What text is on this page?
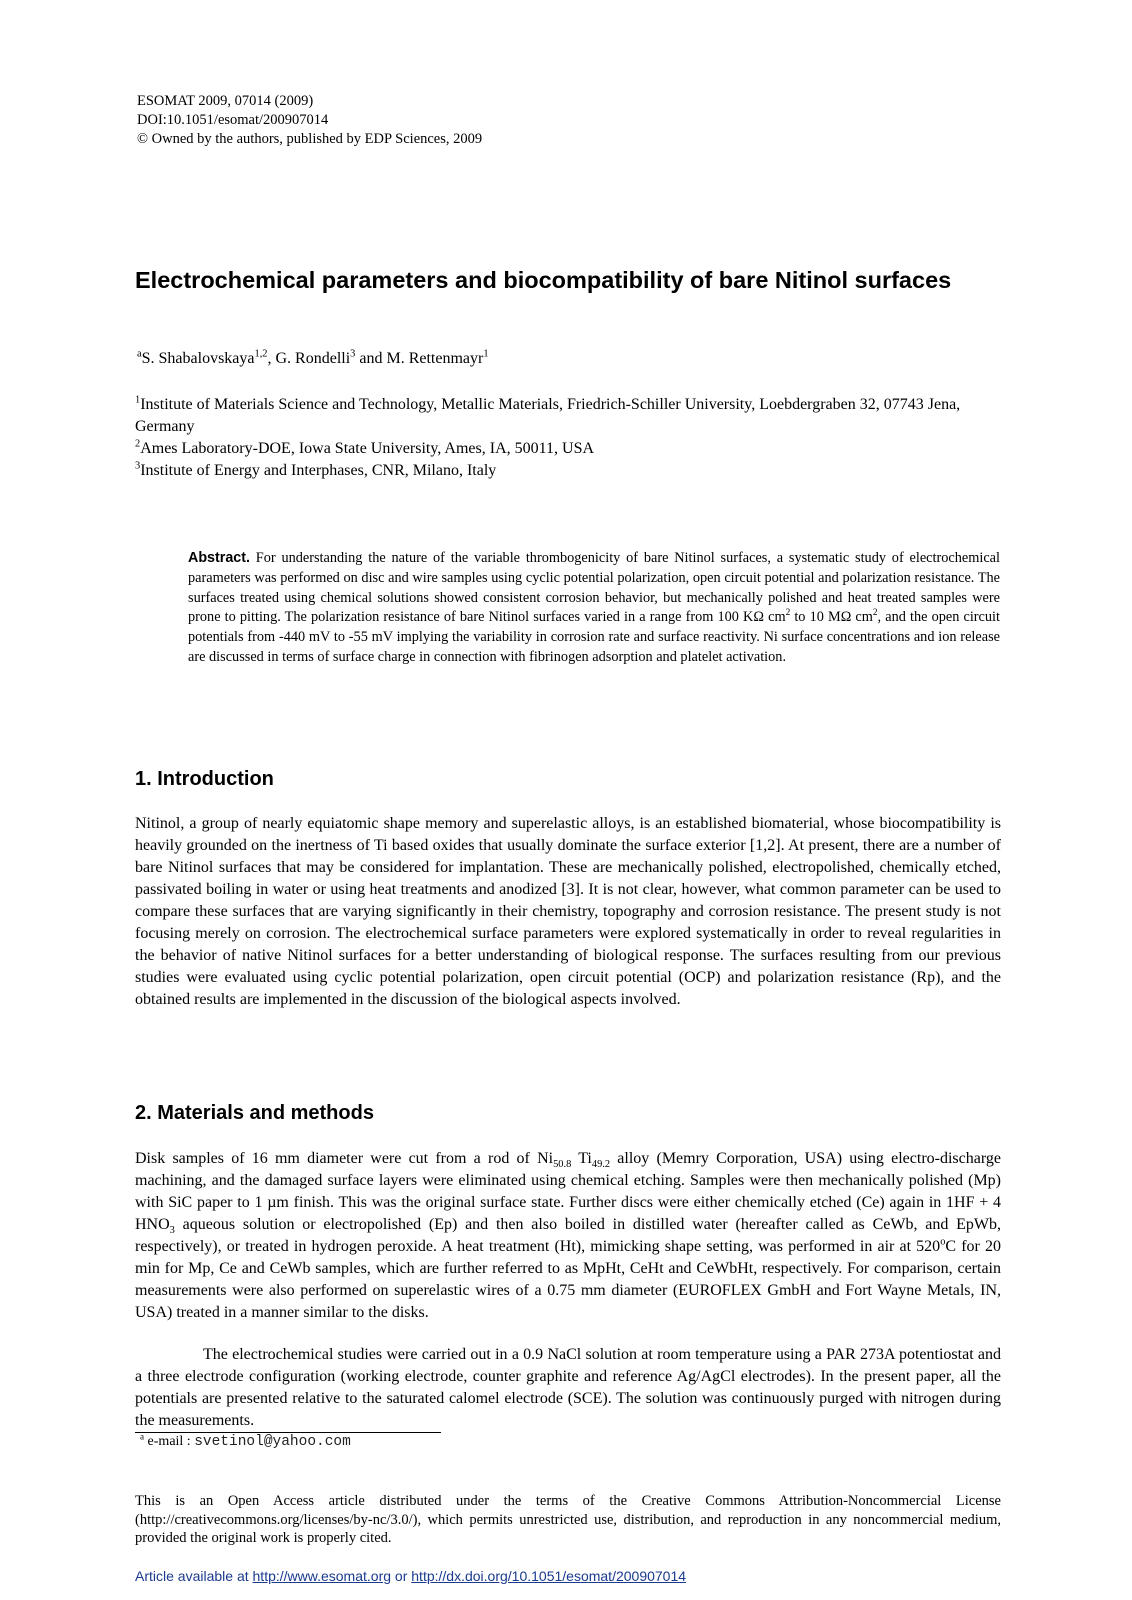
ESOMAT 2009, 07014 (2009)
DOI:10.1051/esomat/200907014
© Owned by the authors, published by EDP Sciences, 2009
Electrochemical parameters and biocompatibility of bare Nitinol surfaces
$^a$S. Shabalovskaya$^{1,2}$, G. Rondelli$^3$ and M. Rettenmayr$^1$
$^1$Institute of Materials Science and Technology, Metallic Materials, Friedrich-Schiller University, Loebdergraben 32, 07743 Jena, Germany
$^2$Ames Laboratory-DOE, Iowa State University, Ames, IA, 50011, USA
$^3$Institute of Energy and Interphases, CNR, Milano, Italy
Abstract. For understanding the nature of the variable thrombogenicity of bare Nitinol surfaces, a systematic study of electrochemical parameters was performed on disc and wire samples using cyclic potential polarization, open circuit potential and polarization resistance. The surfaces treated using chemical solutions showed consistent corrosion behavior, but mechanically polished and heat treated samples were prone to pitting. The polarization resistance of bare Nitinol surfaces varied in a range from 100 KΩ $cm^2$ to 10 MΩ $cm^2$, and the open circuit potentials from -440 mV to -55 mV implying the variability in corrosion rate and surface reactivity. Ni surface concentrations and ion release are discussed in terms of surface charge in connection with fibrinogen adsorption and platelet activation.
1. Introduction

Nitinol, a group of nearly equiatomic shape memory and superelastic alloys, is an established biomaterial, whose biocompatibility is heavily grounded on the inertness of Ti based oxides that usually dominate the surface exterior [1,2]. At present, there are a number of bare Nitinol surfaces that may be considered for implantation. These are mechanically polished, electropolished, chemically etched, passivated boiling in water or using heat treatments and anodized [3]. It is not clear, however, what common parameter can be used to compare these surfaces that are varying significantly in their chemistry, topography and corrosion resistance. The present study is not focusing merely on corrosion. The electrochemical surface parameters were explored systematically in order to reveal regularities in the behavior of native Nitinol surfaces for a better understanding of biological response. The surfaces resulting from our previous studies were evaluated using cyclic potential polarization, open circuit potential (OCP) and polarization resistance (Rp), and the obtained results are implemented in the discussion of the biological aspects involved.

2. Materials and methods

Disk samples of 16 mm diameter were cut from a rod of $Ni_{50.8}$ $Ti_{49.2}$ alloy (Memry Corporation, USA) using electro-discharge machining, and the damaged surface layers were eliminated using chemical etching. Samples were then mechanically polished (Mp) with SiC paper to 1 µm finish. This was the original surface state. Further discs were either chemically etched (Ce) again in 1HF + 4 $HNO_3$ aqueous solution or electropolished (Ep) and then also boiled in distilled water (hereafter called as CeWb, and EpWb, respectively), or treated in hydrogen peroxide. A heat treatment (Ht), mimicking shape setting, was performed in air at 520$^o$C for 20 min for Mp, Ce and CeWb samples, which are further referred to as MpHt, CeHt and CeWbHt, respectively. For comparison, certain measurements were also performed on superelastic wires of a 0.75 mm diameter (EUROFLEX GmbH and Fort Wayne Metals, IN, USA) treated in a manner similar to the disks.

The electrochemical studies were carried out in a 0.9 NaCl solution at room temperature using a PAR 273A potentiostat and a three electrode configuration (working electrode, counter graphite and reference Ag/AgCl electrodes). In the present paper, all the potentials are presented relative to the saturated calomel electrode (SCE). The solution was continuously purged with nitrogen during the measurements.

$^a$ e-mail : svetinol@yahoo.com
This is an Open Access article distributed under the terms of the Creative Commons Attribution-Noncommercial License (http://creativecommons.org/licenses/by-nc/3.0/), which permits unrestricted use, distribution, and reproduction in any noncommercial medium, provided the original work is properly cited.
Article available at http://www.esomat.org or http://dx.doi.org/10.1051/esomat/200907014
